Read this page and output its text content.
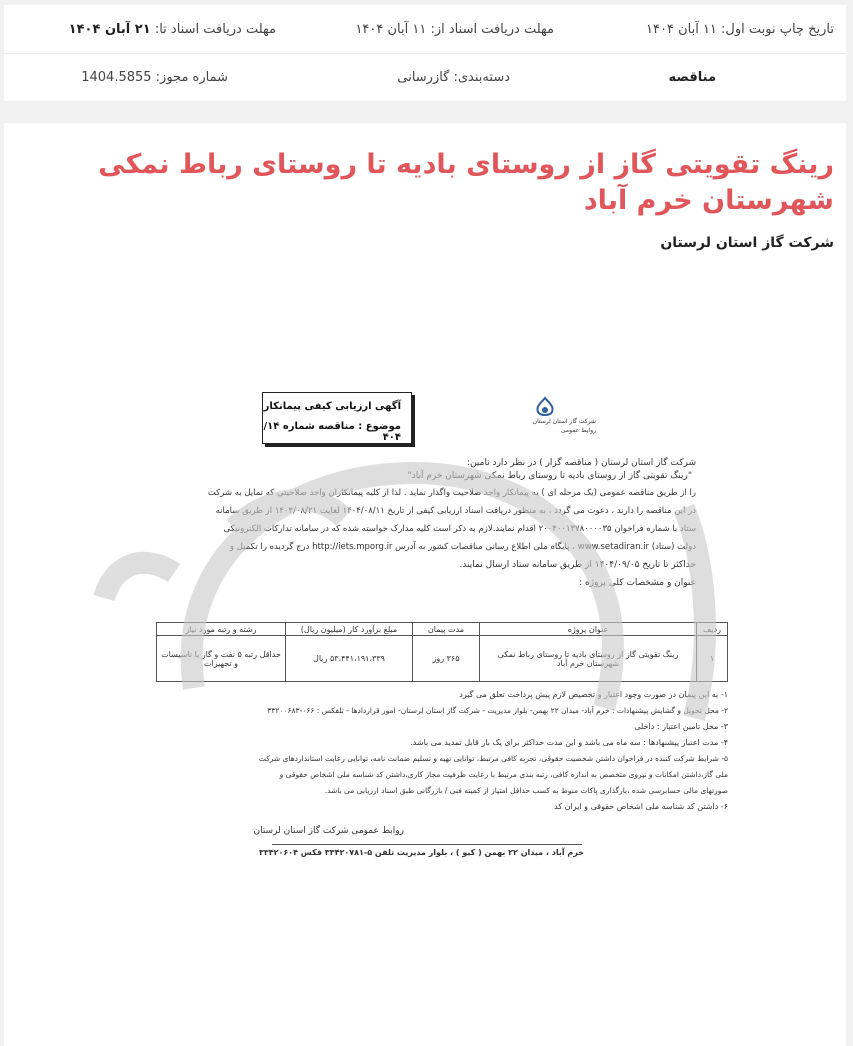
تاریخ چاپ نوبت اول: ۱۱ آبان ۱۴۰۴
مهلت دریافت اسناد از: ۱۱ آبان ۱۴۰۴
مهلت دریافت اسناد تا: ۲۱ آبان ۱۴۰۴
مناقصه
دسته‌بندی: گازرسانی
شماره مجوز: 1404.5855
رینگ تقویتی گاز از روستای بادیه تا روستای رباط نمکی شهرستان خرم آباد
شرکت گاز استان لرستان
آگهی ارزیابی کیفی پیمانکار
موضوع : مناقصه شماره ۱۴/ ۴۰۴
شرکت گاز استان لرستان
روابط عمومی
شرکت گاز استان لرستان ( مناقصه گزار ) در نظر دارد تامین:
"رینگ تقویتی گاز از روستای بادیه تا روستای رباط نمکی شهرستان خرم آباد"
را از طریق مناقصه عمومی (یک مرحله ای ) به پیمانکار واجد صلاحیت واگذار نماید . لذا از کلیه پیمانکاران واجد صلاحیتی که تمایل به شرکت
در این مناقصه را دارند ، دعوت می گردد ، به منظور دریافت اسناد ارزیابی کیفی از تاریخ ۱۴۰۴/۰۸/۱۱ لغایت ۱۴۰۴/۰۸/۲۱ از طریق سامانه
ستاد با شماره فراخوان ۲۰۰۴۰۰۱۳۷۸۰۰۰۰۳۵ اقدام نمایند.لازم به ذکر است کلیه مدارک خواسته شده که در سامانه تدارکات الکترونیکی
دولت (ستاد) www.setadiran.ir ، پایگاه ملی اطلاع رسانی مناقصات کشور به آدرس http://iets.mporg.ir درج گردیده را تکمیل و
حداکثر تا تاریخ ۱۴۰۴/۰۹/۰۵ از طریق سامانه ستاد ارسال نمایند.
عنوان و مشخصات کلی پروژه :
ردیف	عنوان پروژه	مدت پیمان	مبلغ برآورد کار (میلیون ریال)	رشته و رتبه مورد نیاز
۱	رینگ تقویتی گاز از روستای بادیه تا روستای رباط نمکی شهرستان خرم آباد	۳۶۵ روز	۵۳،۴۴۱،۱۹۱،۳۳۹ ریال	حداقل رتبه ۵ نفت و گاز یا تاسیسات و تجهیزات
۱- به این پیمان در صورت وجود اعتبار و تخصیص لازم پیش پرداخت تعلق می گیرد
۲- محل تحویل و گشایش پیشنهادات : خرم آباد- میدان ۲۲ بهمن- بلوار مدیریت - شرکت گاز استان لرستان- امور قراردادها - تلفکس : ۰۶۶-۳۳۲۰۰۶۸۳
۳- محل تامین اعتبار : داخلی
۴- مدت اعتبار پیشنهادها : سه ماه می باشد و این مدت حداکثر برای یک بار قابل تمدید می باشد.
۵- شرایط شرکت کننده در فراخوان داشتن شخصیت حقوقی، تجربه کافی مرتبط، توانایی تهیه و تسلیم ضمانت نامه، توانایی رعایت استانداردهای شرکت
ملی گاز،داشتن امکانات و نیروی متخصص به اندازه کافی، رتبه بندی مرتبط با رعایت ظرفیت مجاز کاری،داشتن کد شناسه ملی اشخاص حقوقی و
صورتهای مالی حسابرسی شده ،بارگذاری پاکات منوط به کسب حداقل امتیاز از کمیته فنی / بازرگانی طبق اسناد ارزیابی می باشد.
۶- داشتن کد شناسه ملی اشخاص حقوقی و ایران کد
روابط عمومی شرکت گاز استان لرستان
خرم آباد ، میدان ۲۲ بهمن ( کیو ) ، بلوار مدیریت تلفن ۵-۳۳۴۲۰۷۸۱ فکس ۳۳۴۲۰۶۰۴
